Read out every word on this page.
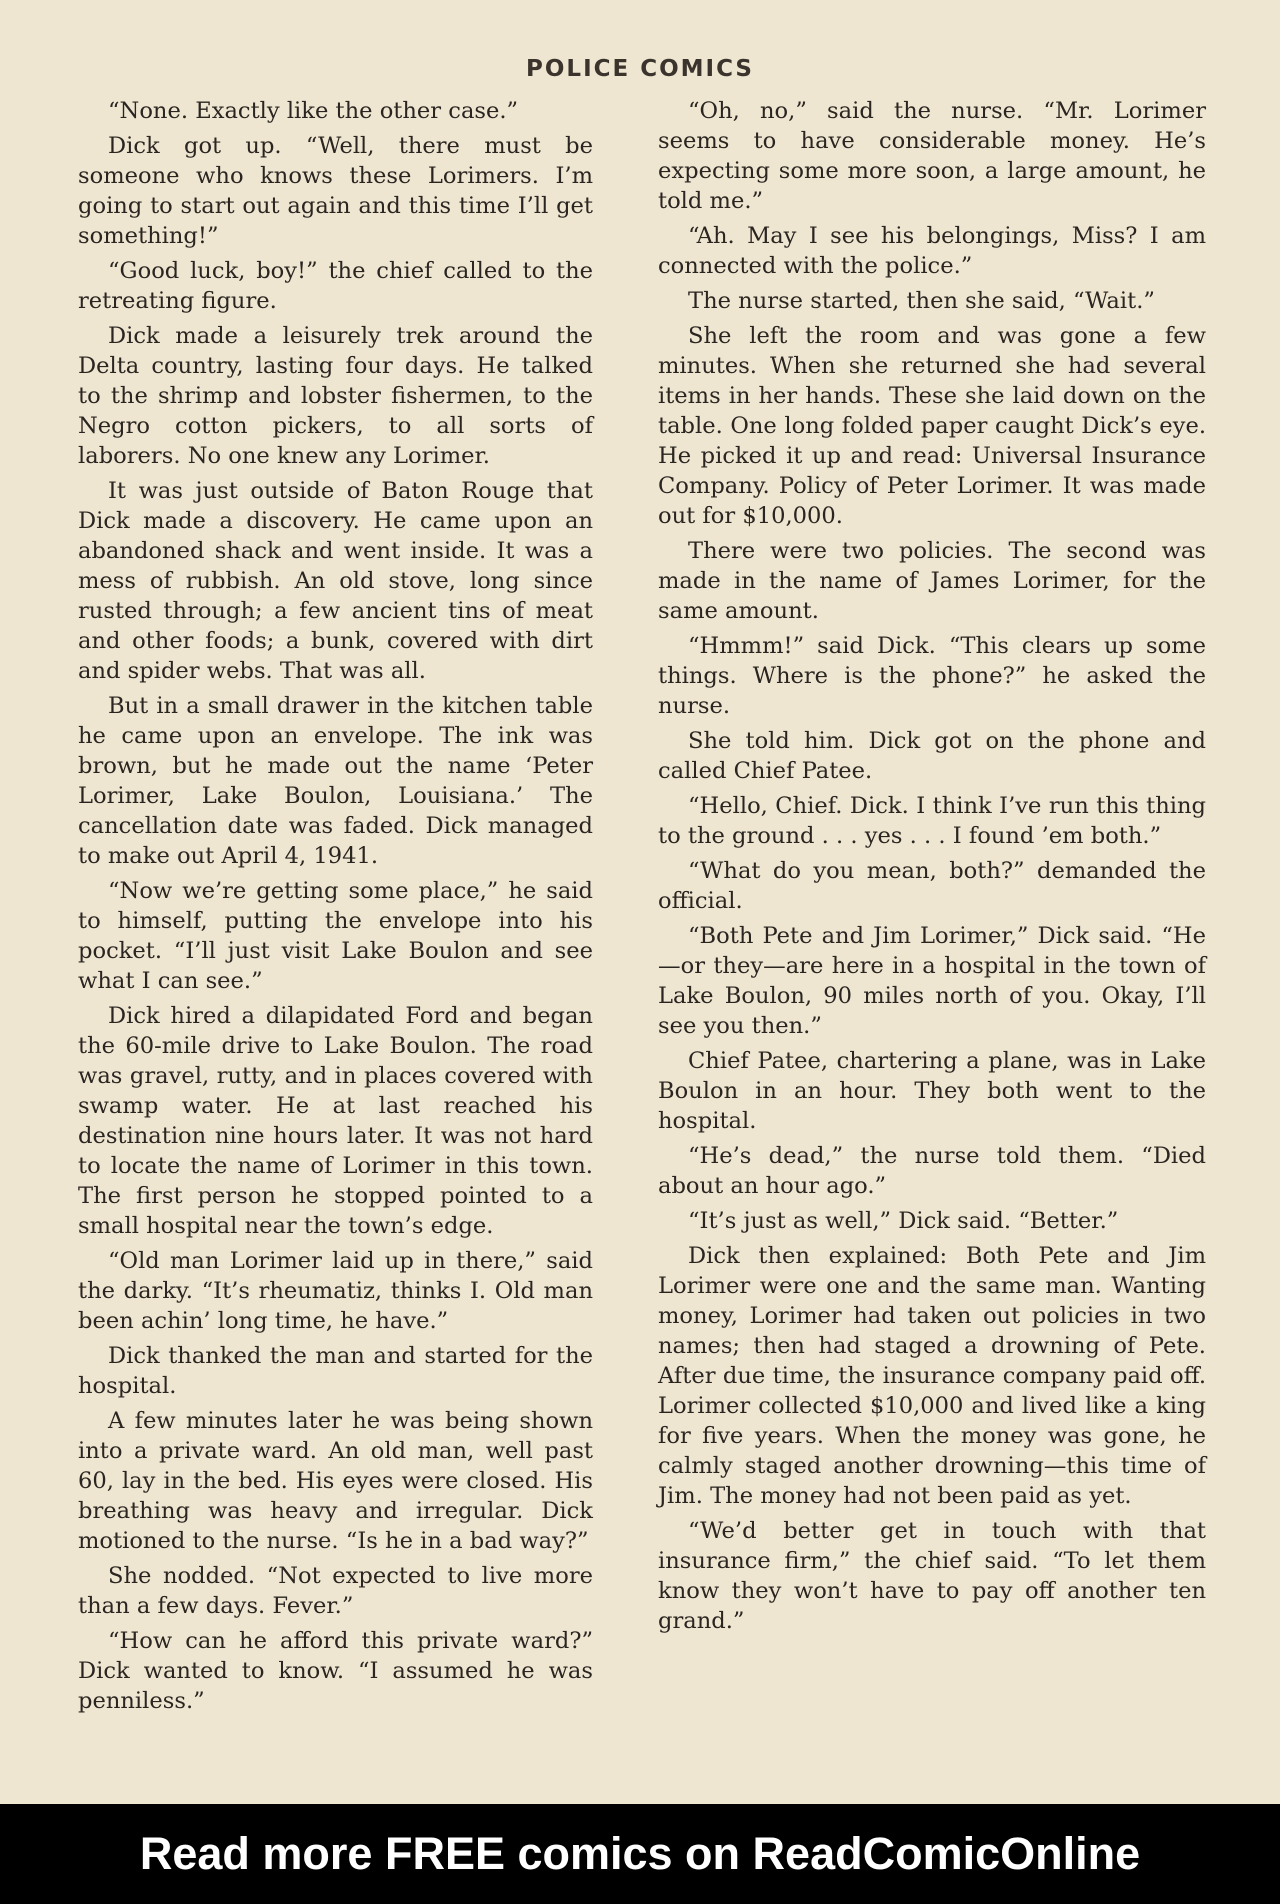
POLICE COMICS

“None. Exactly like the other case.”

Dick got up. “Well, there must be someone who knows these Lorimers. I’m going to start out again and this time I’ll get something!”

“Good luck, boy!” the chief called to the retreating figure.

Dick made a leisurely trek around the Delta country, lasting four days. He talked to the shrimp and lobster fishermen, to the Negro cotton pickers, to all sorts of laborers. No one knew any Lorimer.

It was just outside of Baton Rouge that Dick made a discovery. He came upon an abandoned shack and went inside. It was a mess of rubbish. An old stove, long since rusted through; a few ancient tins of meat and other foods; a bunk, covered with dirt and spider webs. That was all.

But in a small drawer in the kitchen table he came upon an envelope. The ink was brown, but he made out the name ‘Peter Lorimer, Lake Boulon, Louisiana.’ The cancellation date was faded. Dick managed to make out April 4, 1941.

“Now we’re getting some place,” he said to himself, putting the envelope into his pocket. “I’ll just visit Lake Boulon and see what I can see.”

Dick hired a dilapidated Ford and began the 60-mile drive to Lake Boulon. The road was gravel, rutty, and in places covered with swamp water. He at last reached his destination nine hours later. It was not hard to locate the name of Lorimer in this town. The first person he stopped pointed to a small hospital near the town’s edge.

“Old man Lorimer laid up in there,” said the darky. “It’s rheumatiz, thinks I. Old man been achin’ long time, he have.”

Dick thanked the man and started for the hospital.

A few minutes later he was being shown into a private ward. An old man, well past 60, lay in the bed. His eyes were closed. His breathing was heavy and irregular. Dick motioned to the nurse. “Is he in a bad way?”

She nodded. “Not expected to live more than a few days. Fever.”

“How can he afford this private ward?” Dick wanted to know. “I assumed he was penniless.”

“Oh, no,” said the nurse. “Mr. Lorimer seems to have considerable money. He’s expecting some more soon, a large amount, he told me.”

“Ah. May I see his belongings, Miss? I am connected with the police.”

The nurse started, then she said, “Wait.”

She left the room and was gone a few minutes. When she returned she had several items in her hands. These she laid down on the table. One long folded paper caught Dick’s eye. He picked it up and read: Universal Insurance Company. Policy of Peter Lorimer. It was made out for $10,000.

There were two policies. The second was made in the name of James Lorimer, for the same amount.

“Hmmm!” said Dick. “This clears up some things. Where is the phone?” he asked the nurse.

She told him. Dick got on the phone and called Chief Patee.

“Hello, Chief. Dick. I think I’ve run this thing to the ground . . . yes . . . I found ’em both.”

“What do you mean, both?” demanded the official.

“Both Pete and Jim Lorimer,” Dick said. “He—or they—are here in a hospital in the town of Lake Boulon, 90 miles north of you. Okay, I’ll see you then.”

Chief Patee, chartering a plane, was in Lake Boulon in an hour. They both went to the hospital.

“He’s dead,” the nurse told them. “Died about an hour ago.”

“It’s just as well,” Dick said. “Better.”

Dick then explained: Both Pete and Jim Lorimer were one and the same man. Wanting money, Lorimer had taken out policies in two names; then had staged a drowning of Pete. After due time, the insurance company paid off. Lorimer collected $10,000 and lived like a king for five years. When the money was gone, he calmly staged another drowning—this time of Jim. The money had not been paid as yet.

“We’d better get in touch with that insurance firm,” the chief said. “To let them know they won’t have to pay off another ten grand.”

Read more FREE comics on ReadComicOnline
